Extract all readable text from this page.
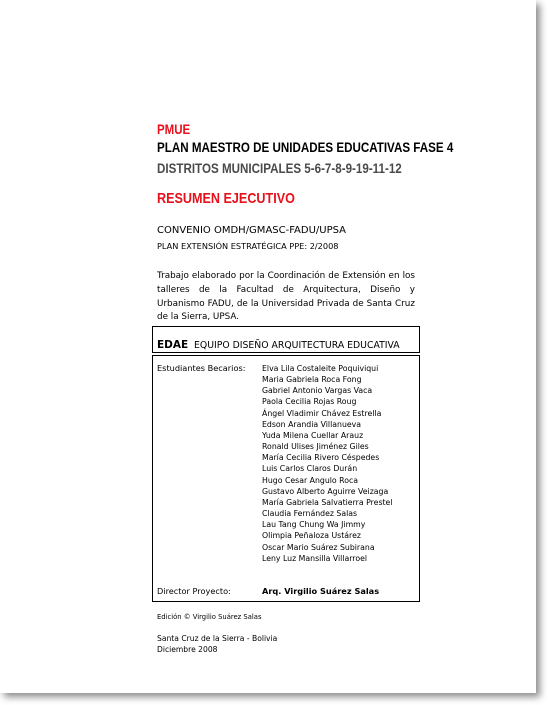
PMUE
PLAN MAESTRO DE UNIDADES EDUCATIVAS FASE 4
DISTRITOS MUNICIPALES 5-6-7-8-9-19-11-12
RESUMEN EJECUTIVO
CONVENIO OMDH/GMASC-FADU/UPSA
PLAN EXTENSIÓN ESTRATÉGICA PPE: 2/2008
Trabajo elaborado por la Coordinación de Extensión en los talleres de la Facultad de Arquitectura, Diseño y Urbanismo FADU, de la Universidad Privada de Santa Cruz de la Sierra, UPSA.
EDAE EQUIPO DISEÑO ARQUITECTURA EDUCATIVA
Estudiantes Becarios: Elva Lila Costaleite Poquiviqui
Maria Gabriela Roca Fong
Gabriel Antonio Vargas Vaca
Paola Cecilia Rojas Roug
Ángel Vladimir Chávez Estrella
Edson Arandia Villanueva
Yuda Milena Cuellar Arauz
Ronald Ulises Jiménez Giles
María Cecilia Rivero Céspedes
Luis Carlos Claros Durán
Hugo Cesar Angulo Roca
Gustavo Alberto Aguirre Veizaga
María Gabriela Salvatierra Prestel
Claudia Fernández Salas
Lau Tang Chung Wa Jimmy
Olimpia Peñaloza Ustárez
Oscar Mario Suárez Subirana
Leny Luz Mansilla Villarroel
Director Proyecto:	Arq. Virgilio Suárez Salas
Edición © Virgilio Suárez Salas
Santa Cruz de la Sierra - Bolivia
Diciembre 2008
